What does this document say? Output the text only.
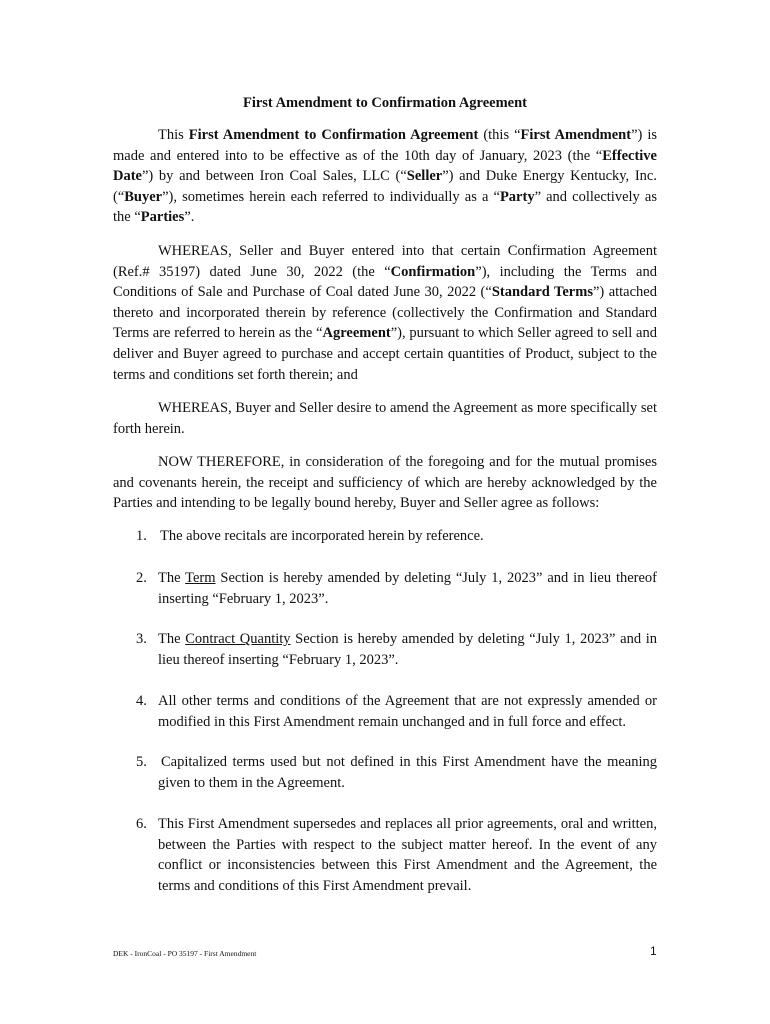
First Amendment to Confirmation Agreement

This First Amendment to Confirmation Agreement (this “First Amendment”) is made and entered into to be effective as of the 10th day of January, 2023 (the “Effective Date”) by and between Iron Coal Sales, LLC (“Seller”) and Duke Energy Kentucky, Inc. (“Buyer”), sometimes herein each referred to individually as a “Party” and collectively as the “Parties”.

WHEREAS, Seller and Buyer entered into that certain Confirmation Agreement (Ref.# 35197) dated June 30, 2022 (the “Confirmation”), including the Terms and Conditions of Sale and Purchase of Coal dated June 30, 2022 (“Standard Terms”) attached thereto and incorporated therein by reference (collectively the Confirmation and Standard Terms are referred to herein as the “Agreement”), pursuant to which Seller agreed to sell and deliver and Buyer agreed to purchase and accept certain quantities of Product, subject to the terms and conditions set forth therein; and

WHEREAS, Buyer and Seller desire to amend the Agreement as more specifically set forth herein.

NOW THEREFORE, in consideration of the foregoing and for the mutual promises and covenants herein, the receipt and sufficiency of which are hereby acknowledged by the Parties and intending to be legally bound hereby, Buyer and Seller agree as follows:

1. The above recitals are incorporated herein by reference.
2. The Term Section is hereby amended by deleting “July 1, 2023” and in lieu thereof inserting “February 1, 2023”.
3. The Contract Quantity Section is hereby amended by deleting “July 1, 2023” and in lieu thereof inserting “February 1, 2023”.
4. All other terms and conditions of the Agreement that are not expressly amended or modified in this First Amendment remain unchanged and in full force and effect.
5. Capitalized terms used but not defined in this First Amendment have the meaning given to them in the Agreement.
6. This First Amendment supersedes and replaces all prior agreements, oral and written, between the Parties with respect to the subject matter hereof. In the event of any conflict or inconsistencies between this First Amendment and the Agreement, the terms and conditions of this First Amendment prevail.
DEK - IronCoal - PO 35197 - First Amendment	1
